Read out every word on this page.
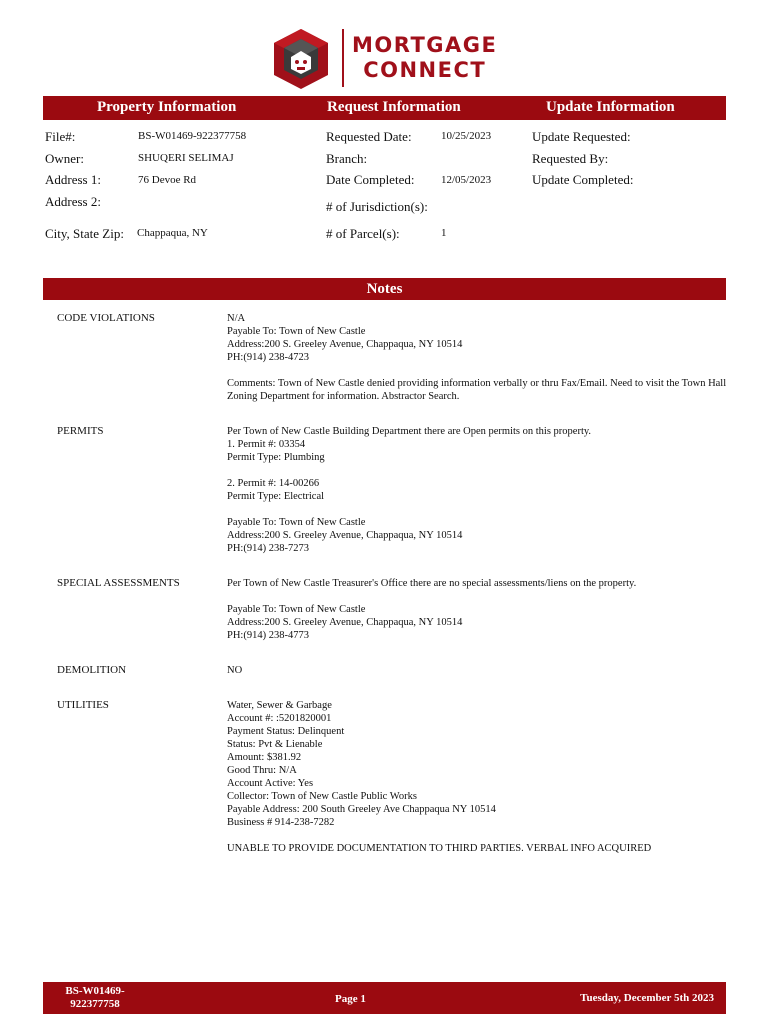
MORTGAGE
CONNECT
Property Information	Request Information	Update Information
File#:	BS-W01469-922377758
Owner:	SHUQERI SELIMAJ
Address 1:	76 Devoe Rd
Address 2:
City, State Zip: Chappaqua, NY
Requested Date:	10/25/2023
Branch:
Date Completed: 12/05/2023
# of Jurisdiction(s):
# of Parcel(s):	1
Update Requested:
Requested By:
Update Completed:
Notes
CODE VIOLATIONS	N/A
Payable To: Town of New Castle
Address:200 S. Greeley Avenue, Chappaqua, NY 10514
PH:(914) 238-4723
Comments: Town of New Castle denied providing information verbally or thru Fax/Email. Need to visit the Town Hall Zoning Department for information. Abstractor Search.
PERMITS	Per Town of New Castle Building Department there are Open permits on this property.
1. Permit #: 03354
Permit Type: Plumbing

2. Permit #: 14-00266
Permit Type: Electrical

Payable To: Town of New Castle
Address:200 S. Greeley Avenue, Chappaqua, NY 10514
PH:(914) 238-7273
SPECIAL ASSESSMENTS	Per Town of New Castle Treasurer's Office there are no special assessments/liens on the property.

Payable To: Town of New Castle
Address:200 S. Greeley Avenue, Chappaqua, NY 10514
PH:(914) 238-4773
DEMOLITION	NO
UTILITIES	Water, Sewer & Garbage
Account #: :5201820001
Payment Status: Delinquent
Status: Pvt & Lienable
Amount: $381.92
Good Thru: N/A
Account Active: Yes
Collector: Town of New Castle Public Works
Payable Address: 200 South Greeley Ave Chappaqua NY 10514
Business # 914-238-7282

UNABLE TO PROVIDE DOCUMENTATION TO THIRD PARTIES. VERBAL INFO ACQUIRED
BS-W01469-
922377758	Page 1	Tuesday, December 5th 2023
